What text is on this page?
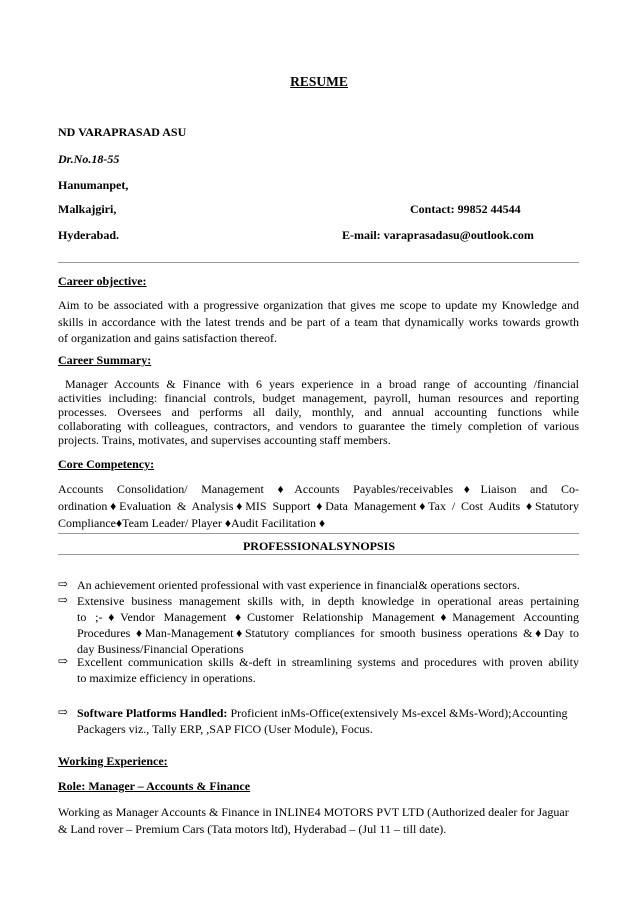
RESUME
ND VARAPRASAD ASU
Dr.No.18-55
Hanumanpet,
Malkajgiri,	Contact: 99852 44544
Hyderabad.	E-mail: varaprasadasu@outlook.com
Career objective:
Aim to be associated with a progressive organization that gives me scope to update my Knowledge and
skills in accordance with the latest trends and be part of a team that dynamically works towards growth
of organization and gains satisfaction thereof.
Career Summary:
Manager Accounts & Finance with 6 years experience in a broad range of accounting /financial
activities including: financial controls, budget management, payroll, human resources and reporting
processes. Oversees and performs all daily, monthly, and annual accounting functions while
collaborating with colleagues, contractors, and vendors to guarantee the timely completion of various
projects. Trains, motivates, and supervises accounting staff members.
Core Competency:
Accounts Consolidation/ Management ♦Accounts Payables/receivables♦Liaison and Co-
ordination♦Evaluation & Analysis♦MIS Support ♦Data Management♦Tax / Cost Audits ♦Statutory
Compliance♦Team Leader/ Player ♦Audit Facilitation ♦
PROFESSIONALSYNOPSIS
⇨ An achievement oriented professional with vast experience in financial& operations sectors.
⇨ Extensive business management skills with, in depth knowledge in operational areas pertaining
to ;-♦Vendor Management ♦Customer Relationship Management♦Management Accounting
Procedures ♦Man-Management♦Statutory compliances for smooth business operations &♦Day to
day Business/Financial Operations
⇨ Excellent communication skills &-deft in streamlining systems and procedures with proven ability
to maximize efficiency in operations.
⇨ Software Platforms Handled: Proficient inMs-Office(extensively Ms-excel &Ms-Word);Accounting
Packagers viz., Tally ERP, ,SAP FICO (User Module), Focus.
Working Experience:
Role: Manager – Accounts & Finance
Working as Manager Accounts & Finance in INLINE4 MOTORS PVT LTD (Authorized dealer for Jaguar
& Land rover – Premium Cars (Tata motors ltd), Hyderabad – (Jul 11 – till date).
